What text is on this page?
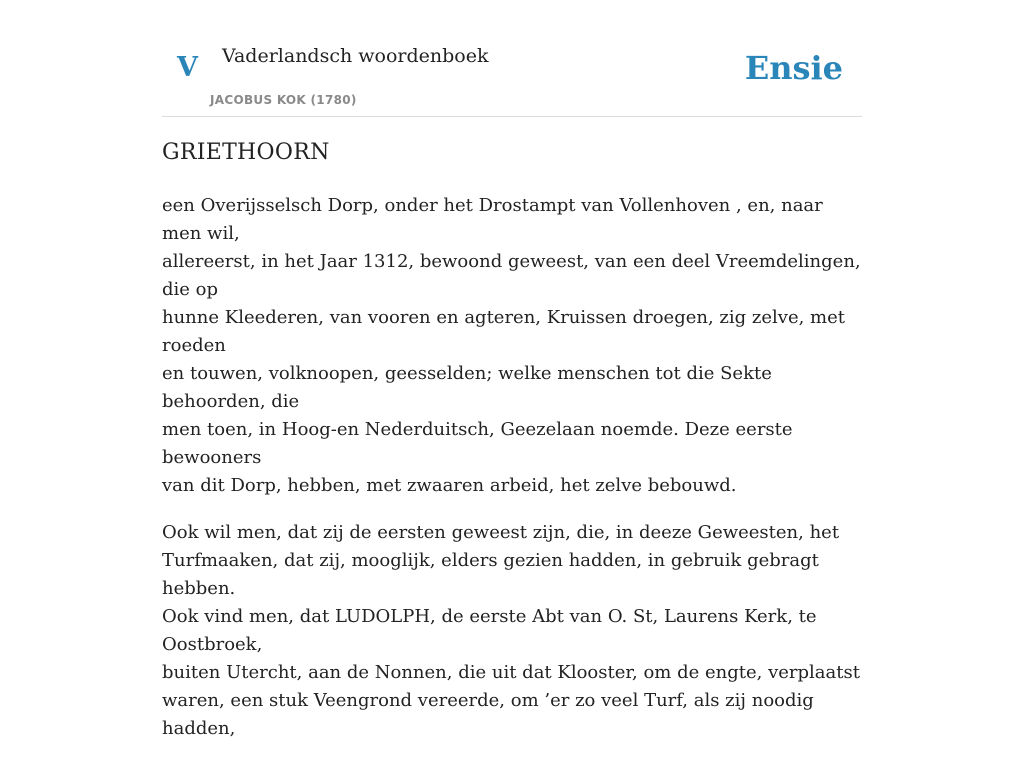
V Vaderlandsch woordenboek
JACOBUS KOK (1780)
Ensie
GRIETHOORN

een Overijsselsch Dorp, onder het Drostampt van Vollenhoven , en, naar men wil,
allereerst, in het Jaar 1312, bewoond geweest, van een deel Vreemdelingen, die op
hunne Kleederen, van vooren en agteren, Kruissen droegen, zig zelve, met roeden
en touwen, volknoopen, geesselden; welke menschen tot die Sekte behoorden, die
men toen, in Hoog-en Nederduitsch, Geezelaan noemde. Deze eerste bewooners
van dit Dorp, hebben, met zwaaren arbeid, het zelve bebouwd.

Ook wil men, dat zij de eersten geweest zijn, die, in deeze Geweesten, het
Turfmaaken, dat zij, mooglijk, elders gezien hadden, in gebruik gebragt hebben.
Ook vind men, dat LUDOLPH, de eerste Abt van O. St, Laurens Kerk, te Oostbroek,
buiten Utercht, aan de Nonnen, die uit dat Klooster, om de engte, verplaatst
waren, een stuk Veengrond vereerde, om ’er zo veel Turf, als zij noodig hadden,
